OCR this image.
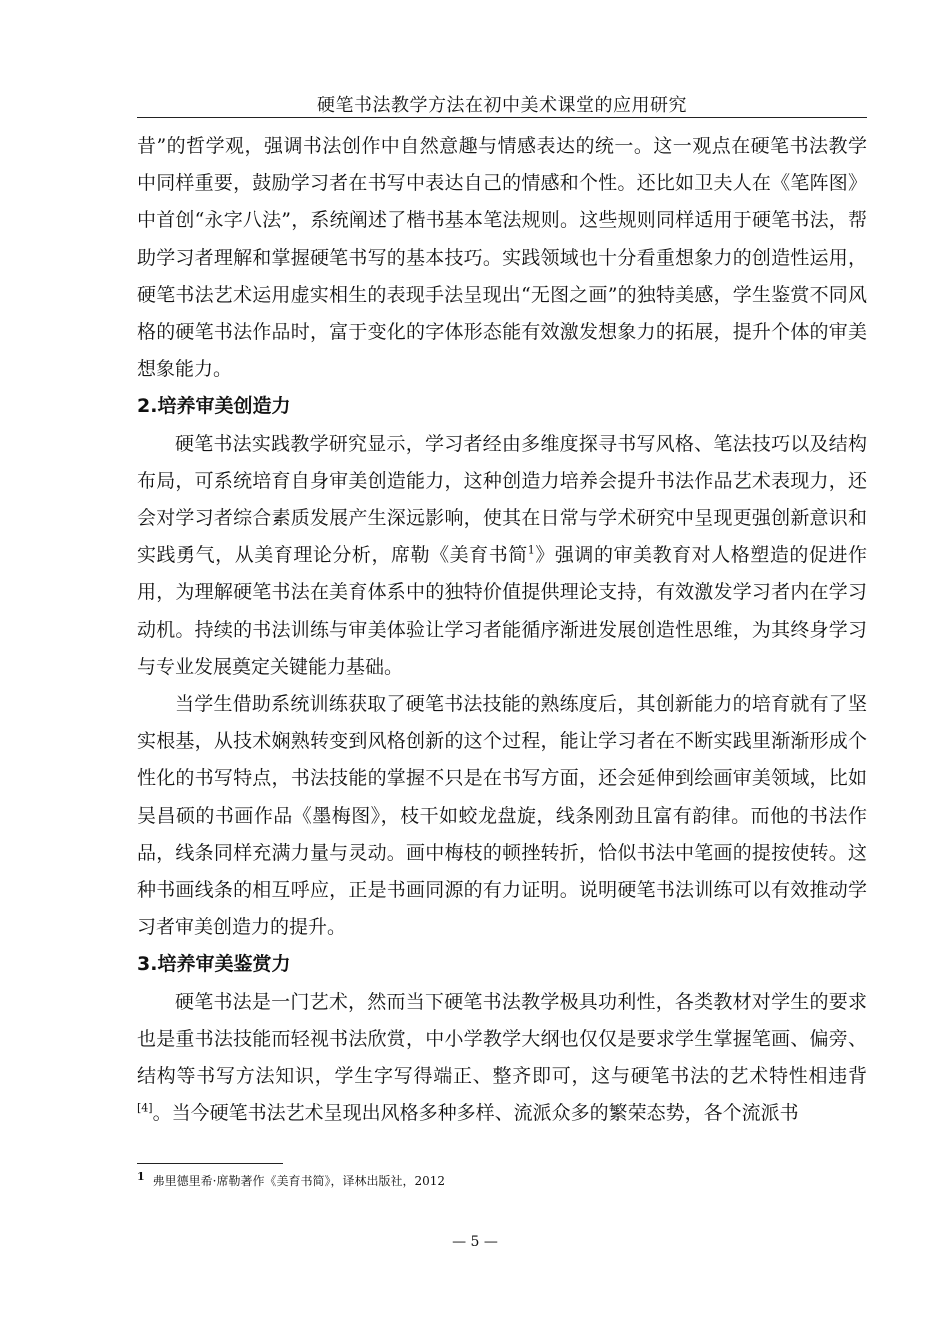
硬笔书法教学方法在初中美术课堂的应用研究

昔”的哲学观，强调书法创作中自然意趣与情感表达的统一。这一观点在硬笔书法教学中同样重要，鼓励学习者在书写中表达自己的情感和个性。还比如卫夫人在《笔阵图》中首创“永字八法”，系统阐述了楷书基本笔法规则。这些规则同样适用于硬笔书法，帮助学习者理解和掌握硬笔书写的基本技巧。实践领域也十分看重想象力的创造性运用，硬笔书法艺术运用虚实相生的表现手法呈现出“无图之画”的独特美感，学生鉴赏不同风格的硬笔书法作品时，富于变化的字体形态能有效激发想象力的拓展，提升个体的审美想象能力。

2.培养审美创造力

硬笔书法实践教学研究显示，学习者经由多维度探寻书写风格、笔法技巧以及结构布局，可系统培育自身审美创造能力，这种创造力培养会提升书法作品艺术表现力，还会对学习者综合素质发展产生深远影响，使其在日常与学术研究中呈现更强创新意识和实践勇气，从美育理论分析，席勒《美育书简$^1$》强调的审美教育对人格塑造的促进作用，为理解硬笔书法在美育体系中的独特价值提供理论支持，有效激发学习者内在学习动机。持续的书法训练与审美体验让学习者能循序渐进发展创造性思维，为其终身学习与专业发展奠定关键能力基础。

当学生借助系统训练获取了硬笔书法技能的熟练度后，其创新能力的培育就有了坚实根基，从技术娴熟转变到风格创新的这个过程，能让学习者在不断实践里渐渐形成个性化的书写特点，书法技能的掌握不只是在书写方面，还会延伸到绘画审美领域，比如吴昌硕的书画作品《墨梅图》，枝干如蛟龙盘旋，线条刚劲且富有韵律。而他的书法作品，线条同样充满力量与灵动。画中梅枝的顿挫转折，恰似书法中笔画的提按使转。这种书画线条的相互呼应，正是书画同源的有力证明。说明硬笔书法训练可以有效推动学习者审美创造力的提升。

3.培养审美鉴赏力

硬笔书法是一门艺术，然而当下硬笔书法教学极具功利性，各类教材对学生的要求也是重书法技能而轻视书法欣赏，中小学教学大纲也仅仅是要求学生掌握笔画、偏旁、结构等书写方法知识，学生字写得端正、整齐即可，这与硬笔书法的艺术特性相违背[4]。当今硬笔书法艺术呈现出风格多种多样、流派众多的繁荣态势，各个流派书

1 弗里德里希·席勒著作《美育书简》，译林出版社，2012
— 5 —
